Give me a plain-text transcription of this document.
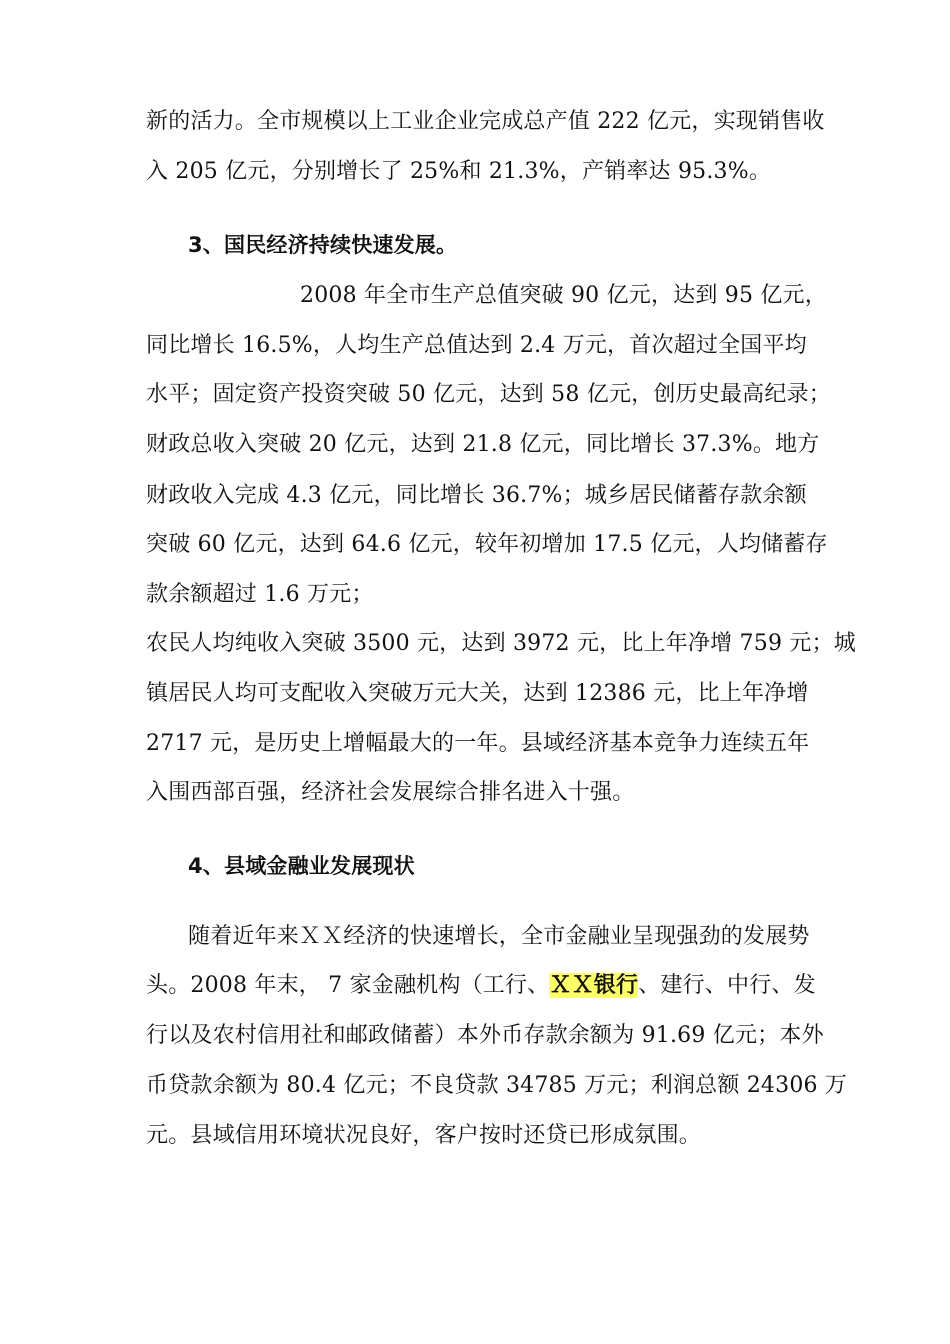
新的活力。全市规模以上工业企业完成总产值 222 亿元，实现销售收
入 205 亿元，分别增长了 25%和 21.3%，产销率达 95.3%。
3、国民经济持续快速发展。
2008 年全市生产总值突破 90 亿元，达到 95 亿元，
同比增长 16.5%，人均生产总值达到 2.4 万元，首次超过全国平均
水平；固定资产投资突破 50 亿元，达到 58 亿元，创历史最高纪录；
财政总收入突破 20 亿元，达到 21.8 亿元，同比增长 37.3%。地方
财政收入完成 4.3 亿元，同比增长 36.7%；城乡居民储蓄存款余额
突破 60 亿元，达到 64.6 亿元，较年初增加 17.5 亿元，人均储蓄存
款余额超过 1.6 万元；
农民人均纯收入突破 3500 元，达到 3972 元，比上年净增 759 元；城
镇居民人均可支配收入突破万元大关，达到 12386 元，比上年净增
2717 元，是历史上增幅最大的一年。县域经济基本竞争力连续五年
入围西部百强，经济社会发展综合排名进入十强。
4、县域金融业发展现状
随着近年来ＸＸ经济的快速增长，全市金融业呈现强劲的发展势
头。2008 年末， 7 家金融机构（工行、ＸＸ银行、建行、中行、发
行以及农村信用社和邮政储蓄）本外币存款余额为 91.69 亿元；本外
币贷款余额为 80.4 亿元；不良贷款 34785 万元；利润总额 24306 万
元。县域信用环境状况良好，客户按时还贷已形成氛围。
